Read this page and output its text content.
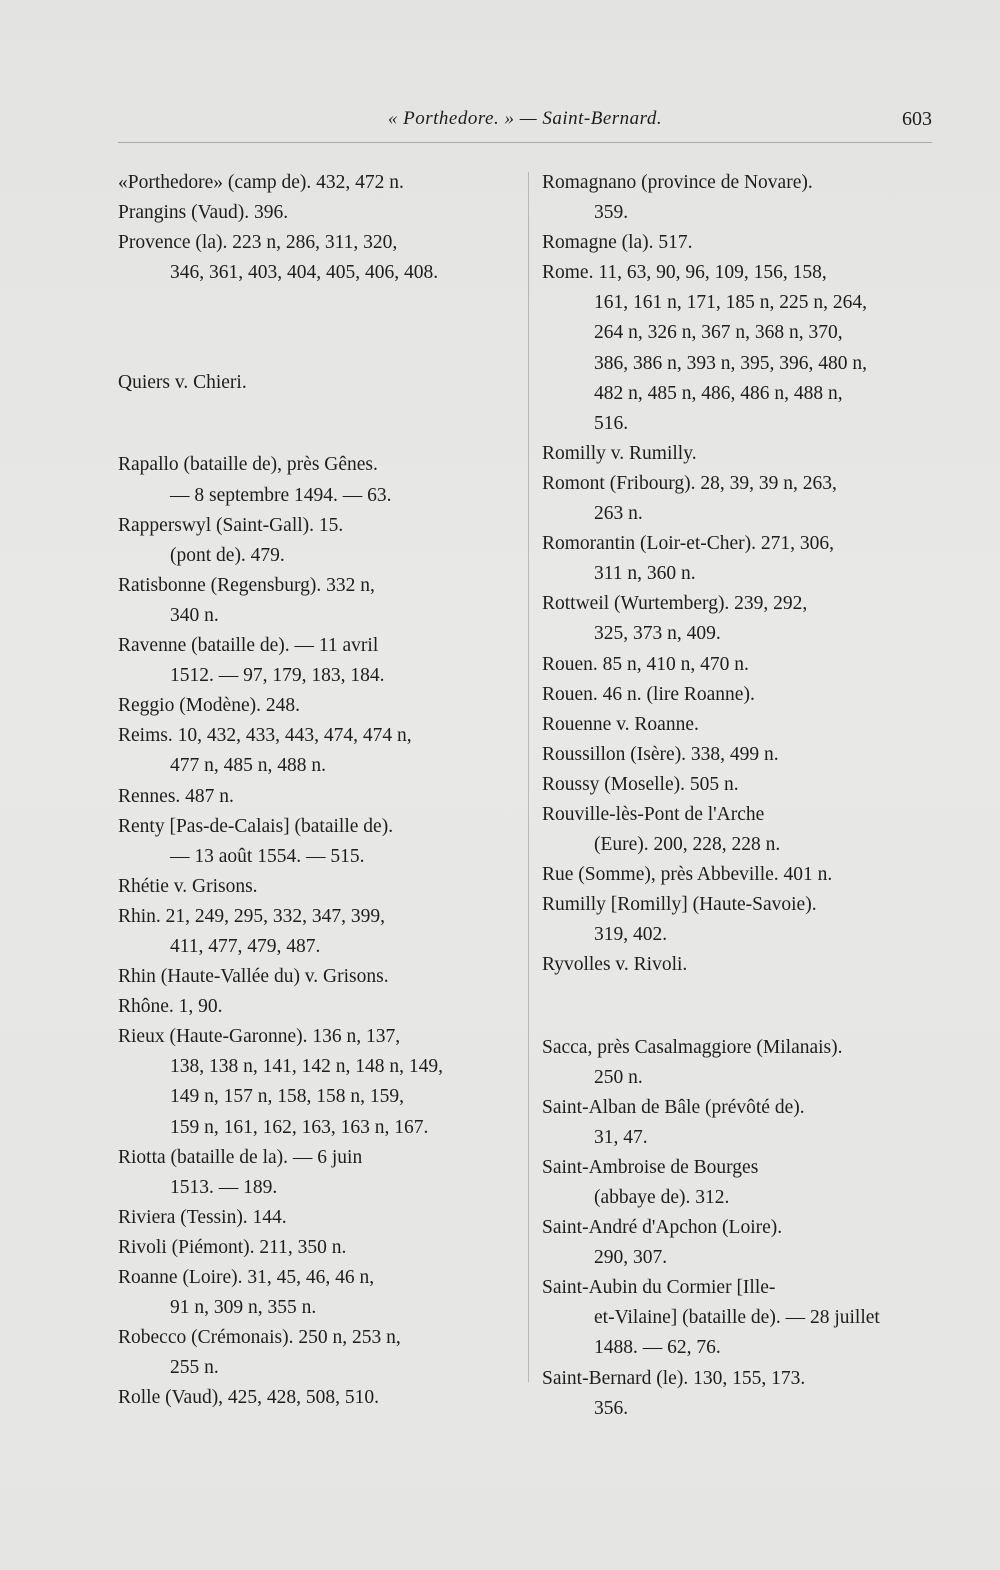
« Porthedore. » — Saint-Bernard.	603
«Porthedore» (camp de). 432, 472 n.
Prangins (Vaud). 396.
Provence (la). 223 n, 286, 311, 320,
346, 361, 403, 404, 405, 406, 408.
Quiers v. Chieri.
Rapallo (bataille de), près Gênes.
— 8 septembre 1494. — 63.
Rapperswyl (Saint-Gall). 15.
(pont de). 479.
Ratisbonne (Regensburg). 332 n,
340 n.
Ravenne (bataille de). — 11 avril
1512. — 97, 179, 183, 184.
Reggio (Modène). 248.
Reims. 10, 432, 433, 443, 474, 474 n,
477 n, 485 n, 488 n.
Rennes. 487 n.
Renty [Pas-de-Calais] (bataille de).
— 13 août 1554. — 515.
Rhétie v. Grisons.
Rhin. 21, 249, 295, 332, 347, 399,
411, 477, 479, 487.
Rhin (Haute-Vallée du) v. Grisons.
Rhône. 1, 90.
Rieux (Haute-Garonne). 136 n, 137,
138, 138 n, 141, 142 n, 148 n, 149,
149 n, 157 n, 158, 158 n, 159,
159 n, 161, 162, 163, 163 n, 167.
Riotta (bataille de la). — 6 juin
1513. — 189.
Riviera (Tessin). 144.
Rivoli (Piémont). 211, 350 n.
Roanne (Loire). 31, 45, 46, 46 n,
91 n, 309 n, 355 n.
Robecco (Crémonais). 250 n, 253 n,
255 n.
Rolle (Vaud), 425, 428, 508, 510.
Romagnano (province de Novare).
359.
Romagne (la). 517.
Rome. 11, 63, 90, 96, 109, 156, 158,
161, 161 n, 171, 185 n, 225 n, 264,
264 n, 326 n, 367 n, 368 n, 370,
386, 386 n, 393 n, 395, 396, 480 n,
482 n, 485 n, 486, 486 n, 488 n,
516.
Romilly v. Rumilly.
Romont (Fribourg). 28, 39, 39 n, 263,
263 n.
Romorantin (Loir-et-Cher). 271, 306,
311 n, 360 n.
Rottweil (Wurtemberg). 239, 292,
325, 373 n, 409.
Rouen. 85 n, 410 n, 470 n.
Rouen. 46 n. (lire Roanne).
Rouenne v. Roanne.
Roussillon (Isère). 338, 499 n.
Roussy (Moselle). 505 n.
Rouville-lès-Pont de l'Arche
(Eure). 200, 228, 228 n.
Rue (Somme), près Abbeville. 401 n.
Rumilly [Romilly] (Haute-Savoie).
319, 402.
Ryvolles v. Rivoli.
Sacca, près Casalmaggiore (Milanais).
250 n.
Saint-Alban de Bâle (prévôté de).
31, 47.
Saint-Ambroise de Bourges
(abbaye de). 312.
Saint-André d'Apchon (Loire).
290, 307.
Saint-Aubin du Cormier [Ille-
et-Vilaine] (bataille de). — 28 juillet
1488. — 62, 76.
Saint-Bernard (le). 130, 155, 173.
356.
